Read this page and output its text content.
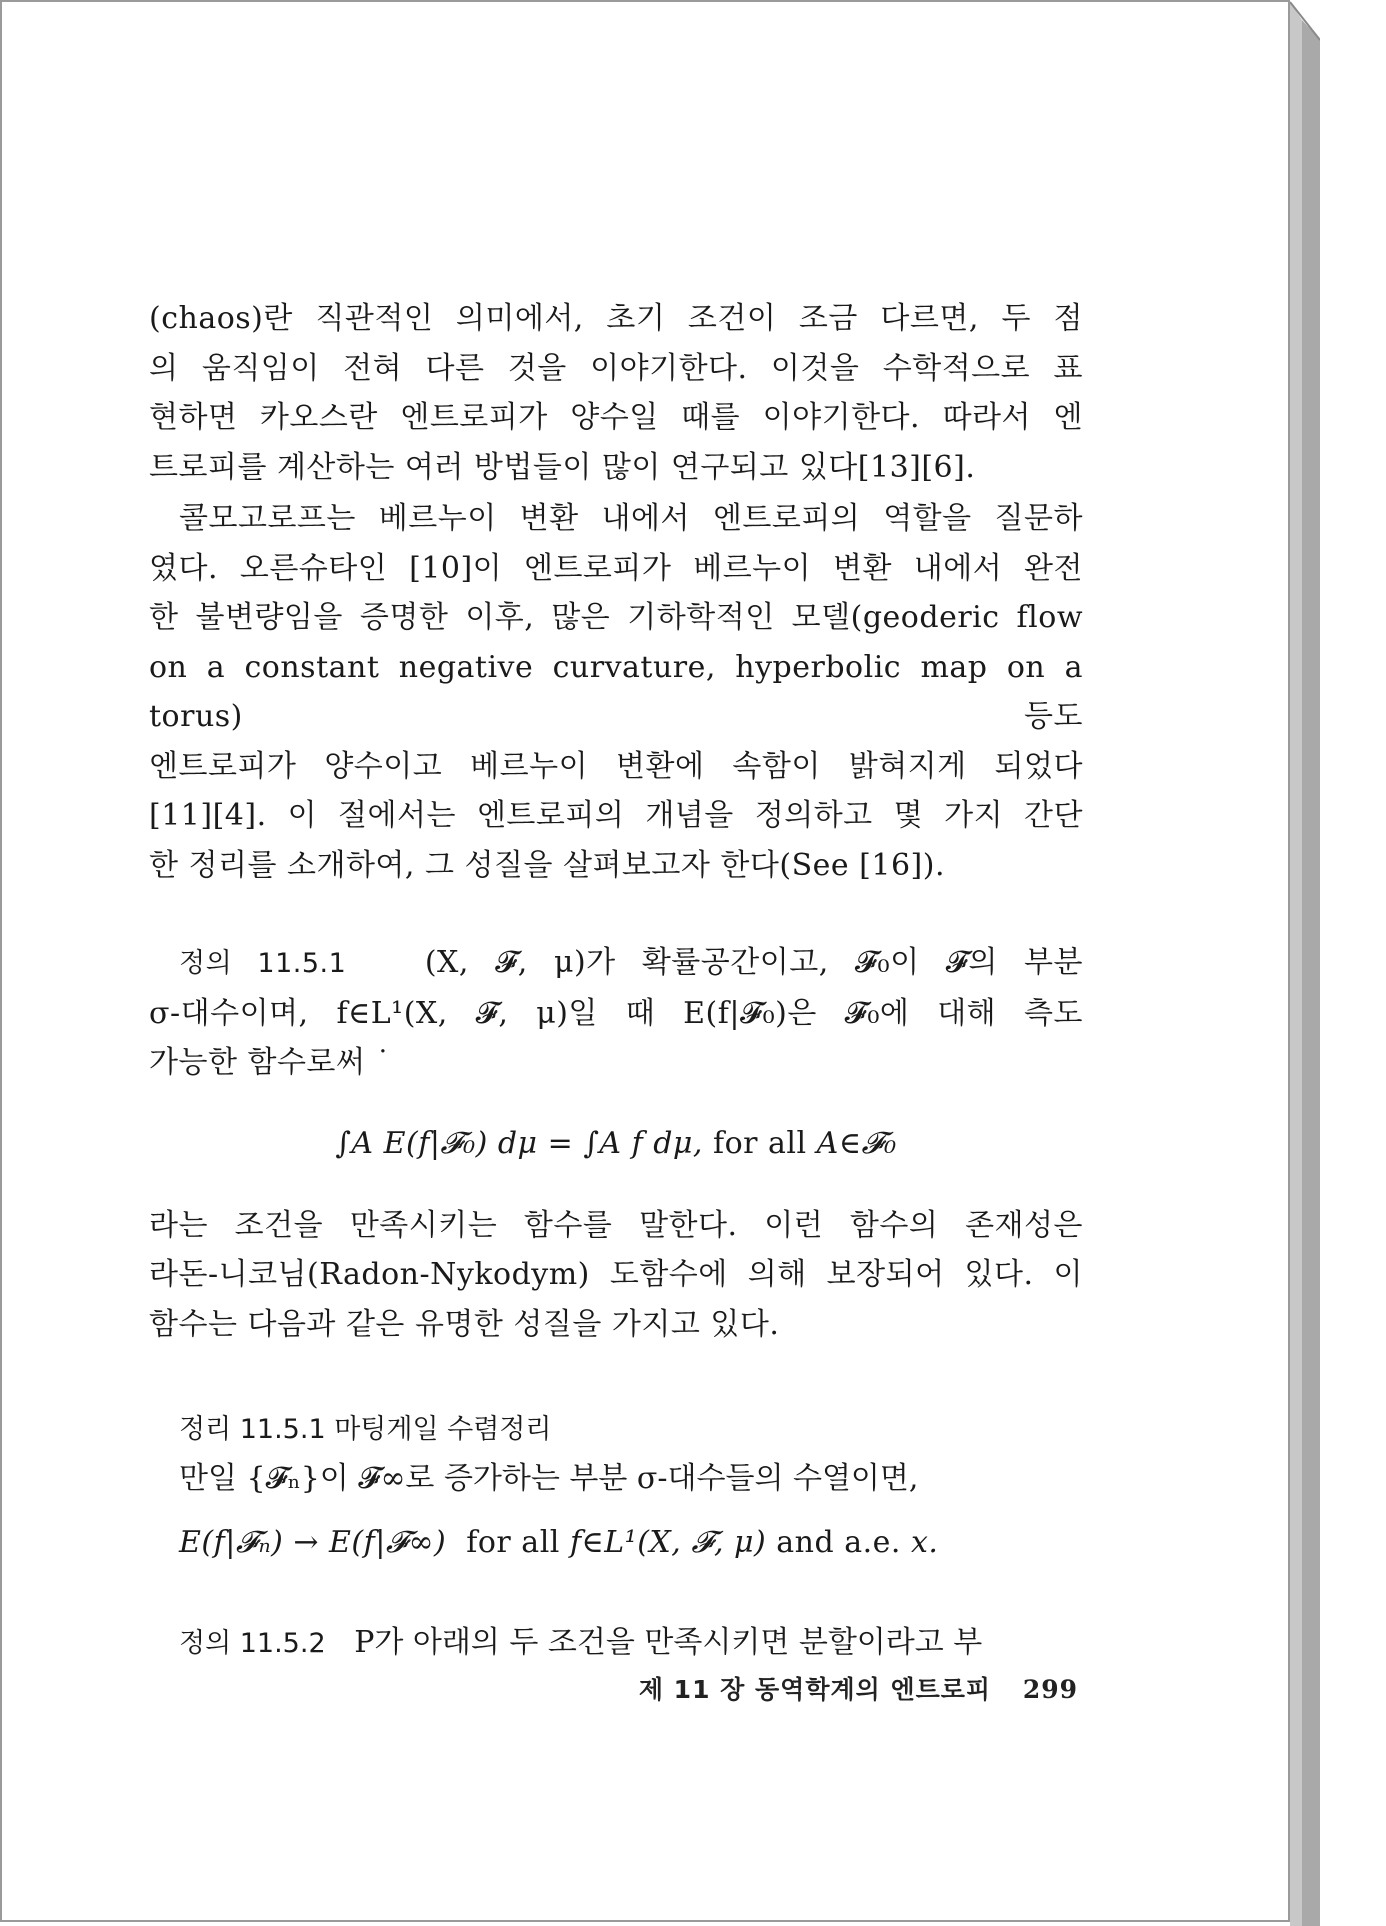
(chaos)란 직관적인 의미에서, 초기 조건이 조금 다르면, 두 점
의 움직임이 전혀 다른 것을 이야기한다. 이것을 수학적으로 표
현하면 카오스란 엔트로피가 양수일 때를 이야기한다. 따라서 엔
트로피를 계산하는 여러 방법들이 많이 연구되고 있다[13][6].

콜모고로프는 베르누이 변환 내에서 엔트로피의 역할을 질문하
였다. 오른슈타인 [10]이 엔트로피가 베르누이 변환 내에서 완전
한 불변량임을 증명한 이후, 많은 기하학적인 모델(geoderic flow
on a constant negative curvature, hyperbolic map on a torus) 등도
엔트로피가 양수이고 베르누이 변환에 속함이 밝혀지게 되었다
[11][4]. 이 절에서는 엔트로피의 개념을 정의하고 몇 가지 간단
한 정리를 소개하여, 그 성질을 살펴보고자 한다(See [16]).

정의 11.5.1	(X, 𝓕, μ)가 확률공간이고, 𝓕₀이 𝓕의 부분
σ-대수이며, f∈L¹(X, 𝓕, μ)일 때 E(f|𝓕₀)은 𝓕₀에 대해 측도
가능한 함수로써 ˙
∫A E(f|𝓕₀) dμ = ∫A f dμ, for all A∈𝓕₀

라는 조건을 만족시키는 함수를 말한다. 이런 함수의 존재성은
라돈-니코님(Radon-Nykodym) 도함수에 의해 보장되어 있다. 이
함수는 다음과 같은 유명한 성질을 가지고 있다.

정리 11.5.1 마팅게일 수렴정리
만일 {𝓕ₙ}이 𝓕∞로 증가하는 부분 σ-대수들의 수열이면,
E(f|𝓕ₙ) → E(f|𝓕∞) for all f∈L¹(X, 𝓕, μ) and a.e. x.
정의 11.5.2 P가 아래의 두 조건을 만족시키면 분할이라고 부
제 11 장 동역학계의 엔트로피 299
